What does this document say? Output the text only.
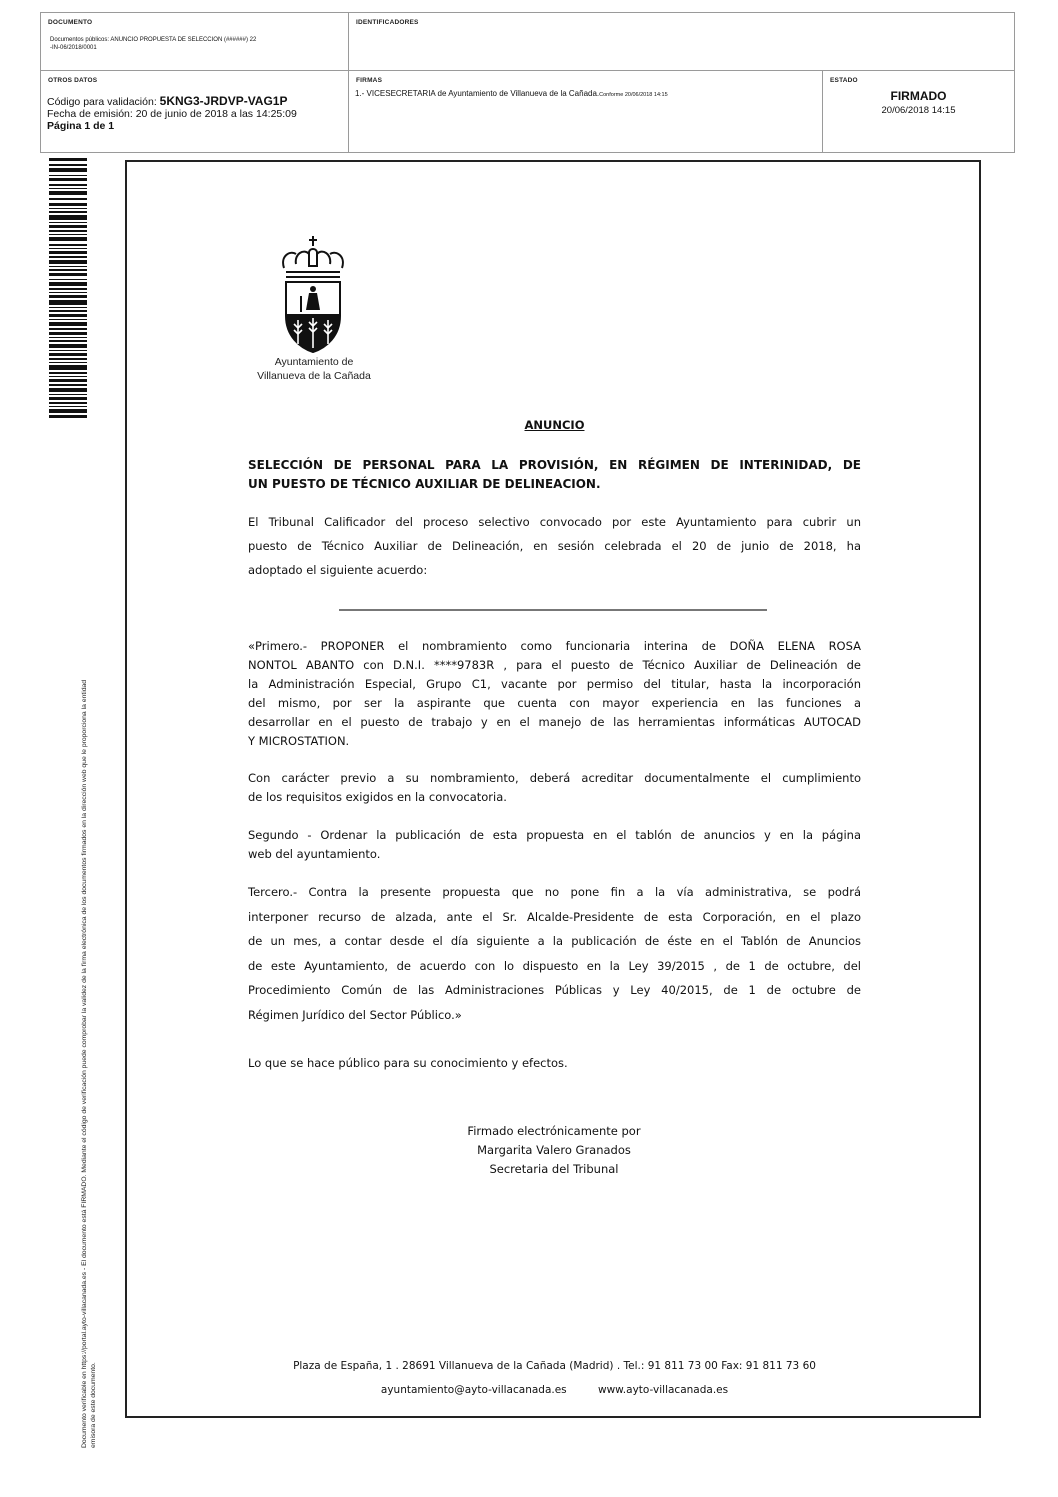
DOCUMENTO
Documentos públicos: ANUNCIO PROPUESTA DE SELECCION (######) 22
-IN-06/2018/0001
IDENTIFICADORES
OTROS DATOS
Código para validación: 5KNG3-JRDVP-VAG1P
Fecha de emisión: 20 de junio de 2018 a las 14:25:09
Página 1 de 1
FIRMAS
1.- VICESECRETARIA de Ayuntamiento de Villanueva de la Cañada.Conforme 20/06/2018 14:15
ESTADO
FIRMADO
20/06/2018 14:15
Documento verificable en https://portal.ayto-villacanada.es - El documento está FIRMADO. Mediante el código de verificación puede comprobar la validez de la firma electrónica de los documentos firmados en la dirección web que le proporciona la entidad emisora de este documento.
Ayuntamiento de
Villanueva de la Cañada
ANUNCIO
SELECCIÓN DE PERSONAL PARA LA PROVISIÓN, EN RÉGIMEN DE INTERINIDAD, DE
UN PUESTO DE TÉCNICO AUXILIAR DE DELINEACION.
El Tribunal Calificador del proceso selectivo convocado por este Ayuntamiento para cubrir un
puesto de Técnico Auxiliar de Delineación, en sesión celebrada el 20 de junio de 2018, ha
adoptado el siguiente acuerdo:
«Primero.- PROPONER el nombramiento como funcionaria interina de DOÑA ELENA ROSA
NONTOL ABANTO con D.N.I. ****9783R , para el puesto de Técnico Auxiliar de Delineación de
la Administración Especial, Grupo C1, vacante por permiso del titular, hasta la incorporación
del mismo, por ser la aspirante que cuenta con mayor experiencia en las funciones a
desarrollar en el puesto de trabajo y en el manejo de las herramientas informáticas AUTOCAD
Y MICROSTATION.
Con carácter previo a su nombramiento, deberá acreditar documentalmente el cumplimiento
de los requisitos exigidos en la convocatoria.
Segundo - Ordenar la publicación de esta propuesta en el tablón de anuncios y en la página
web del ayuntamiento.
Tercero.- Contra la presente propuesta que no pone fin a la vía administrativa, se podrá
interponer recurso de alzada, ante el Sr. Alcalde-Presidente de esta Corporación, en el plazo
de un mes, a contar desde el día siguiente a la publicación de éste en el Tablón de Anuncios
de este Ayuntamiento, de acuerdo con lo dispuesto en la Ley 39/2015 , de 1 de octubre, del
Procedimiento Común de las Administraciones Públicas y Ley 40/2015, de 1 de octubre de
Régimen Jurídico del Sector Público.»
Lo que se hace público para su conocimiento y efectos.
Firmado electrónicamente por
Margarita Valero Granados
Secretaria del Tribunal
Plaza de España, 1 . 28691 Villanueva de la Cañada (Madrid) . Tel.: 91 811 73 00 Fax: 91 811 73 60
ayuntamiento@ayto-villacanada.es	www.ayto-villacanada.es
